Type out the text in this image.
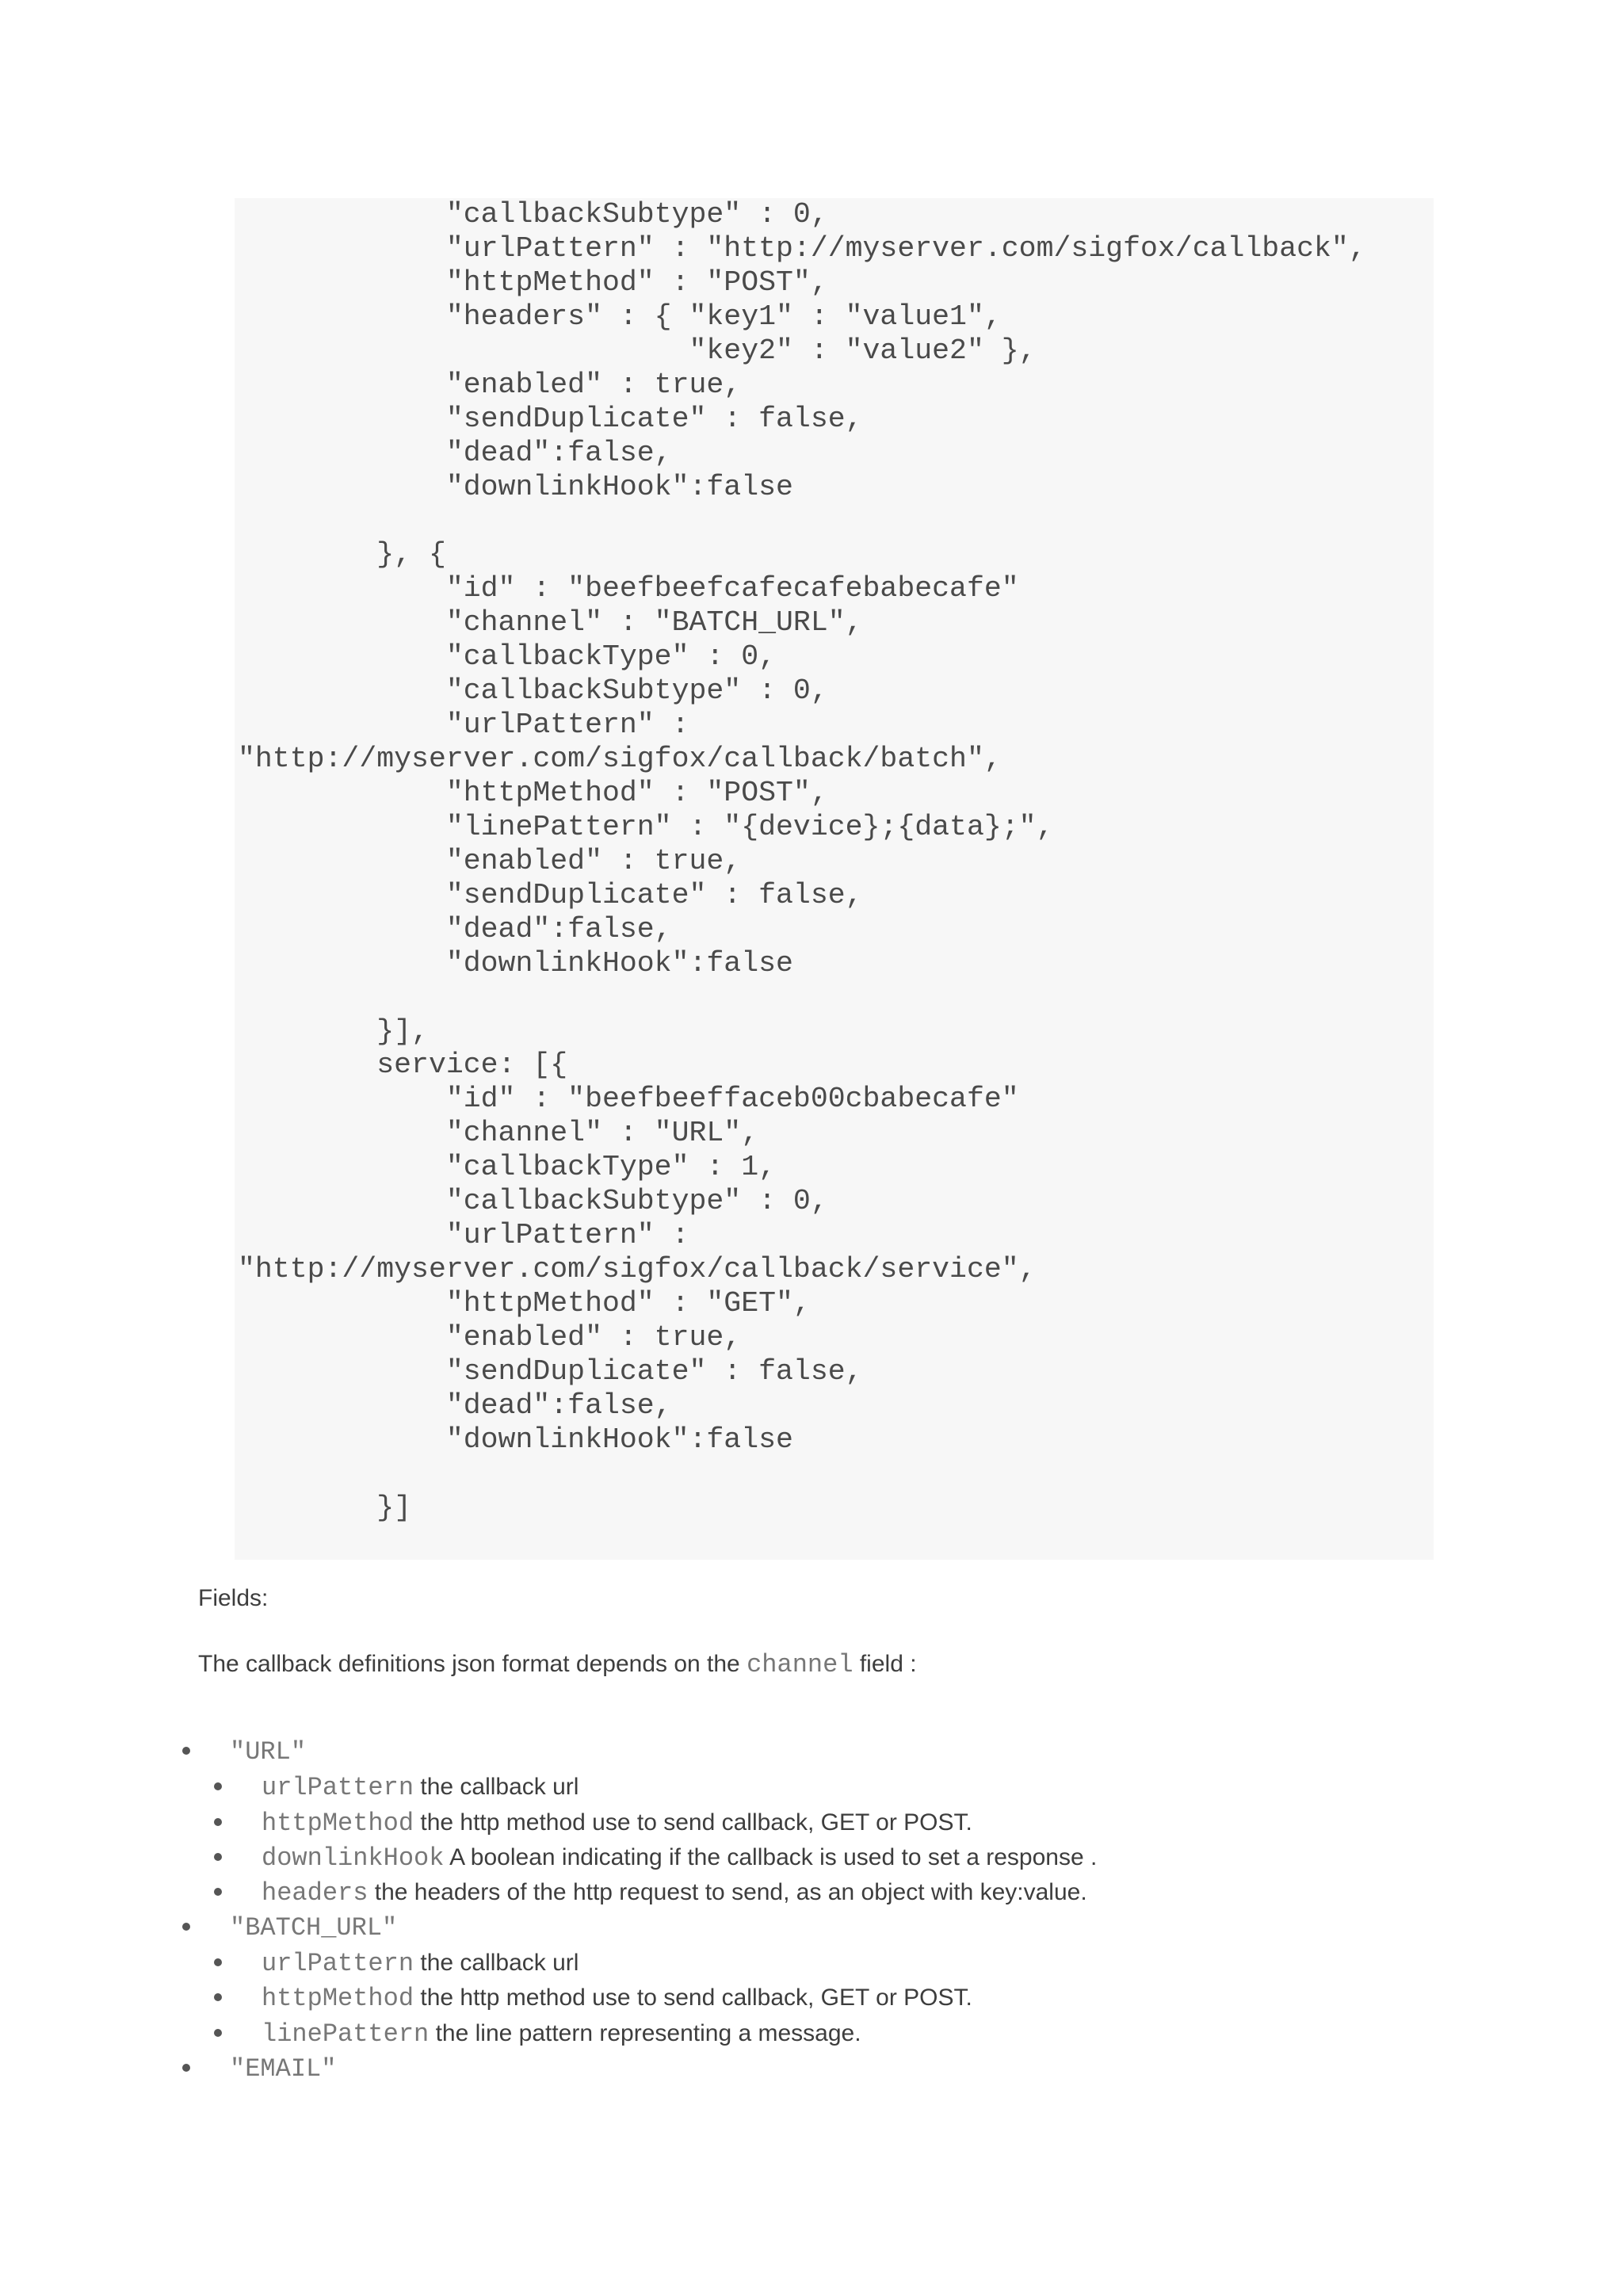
"callbackSubtype" : 0,
"urlPattern" : "http://myserver.com/sigfox/callback",
"httpMethod" : "POST",
"headers" : { "key1" : "value1",
"key2" : "value2" },
"enabled" : true,
"sendDuplicate" : false,
"dead":false,
"downlinkHook":false
}, {
"id" : "beefbeefcafecafebabecafe"
"channel" : "BATCH_URL",
"callbackType" : 0,
"callbackSubtype" : 0,
"urlPattern" :
"http://myserver.com/sigfox/callback/batch",
"httpMethod" : "POST",
"linePattern" : "{device};{data};",
"enabled" : true,
"sendDuplicate" : false,
"dead":false,
"downlinkHook":false
}],
service: [{
"id" : "beefbeeffaceb00cbabecafe"
"channel" : "URL",
"callbackType" : 1,
"callbackSubtype" : 0,
"urlPattern" :
"http://myserver.com/sigfox/callback/service",
"httpMethod" : "GET",
"enabled" : true,
"sendDuplicate" : false,
"dead":false,
"downlinkHook":false
}]

Fields:

The callback definitions json format depends on the channel field :

"URL"
urlPattern the callback url
httpMethod the http method use to send callback, GET or POST.
downlinkHook A boolean indicating if the callback is used to set a response .
headers the headers of the http request to send, as an object with key:value.
"BATCH_URL"
urlPattern the callback url
httpMethod the http method use to send callback, GET or POST.
linePattern the line pattern representing a message.
"EMAIL"
